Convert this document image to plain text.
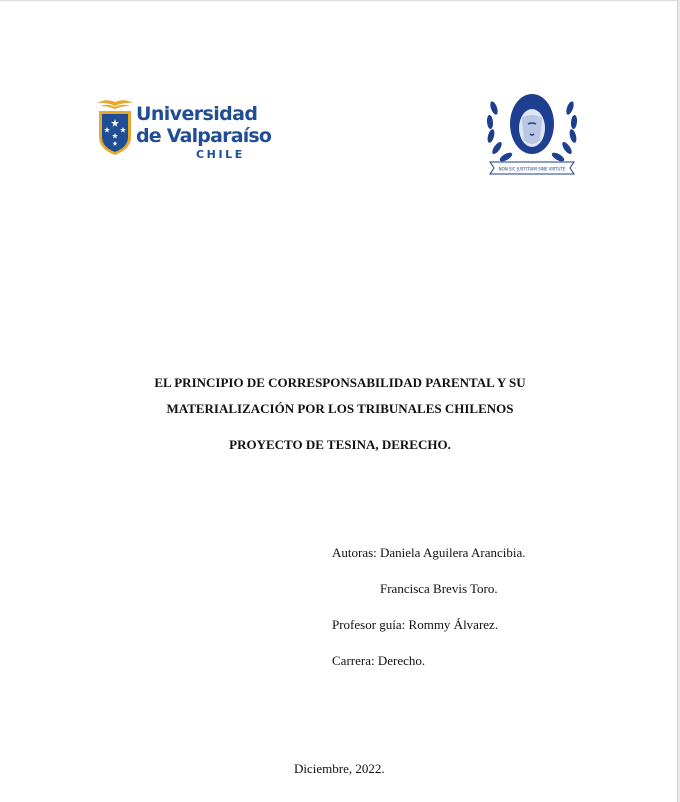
Universidad
de Valparaíso
CHILE
NON SIC JUSTITIAM SINE VIRTUTE
EL PRINCIPIO DE CORRESPONSABILIDAD PARENTAL Y SU
MATERIALIZACIÓN POR LOS TRIBUNALES CHILENOS
PROYECTO DE TESINA, DERECHO.
Autoras: Daniela Aguilera Arancibia.
Francisca Brevis Toro.
Profesor guía: Rommy Álvarez.
Carrera: Derecho.
Diciembre, 2022.
